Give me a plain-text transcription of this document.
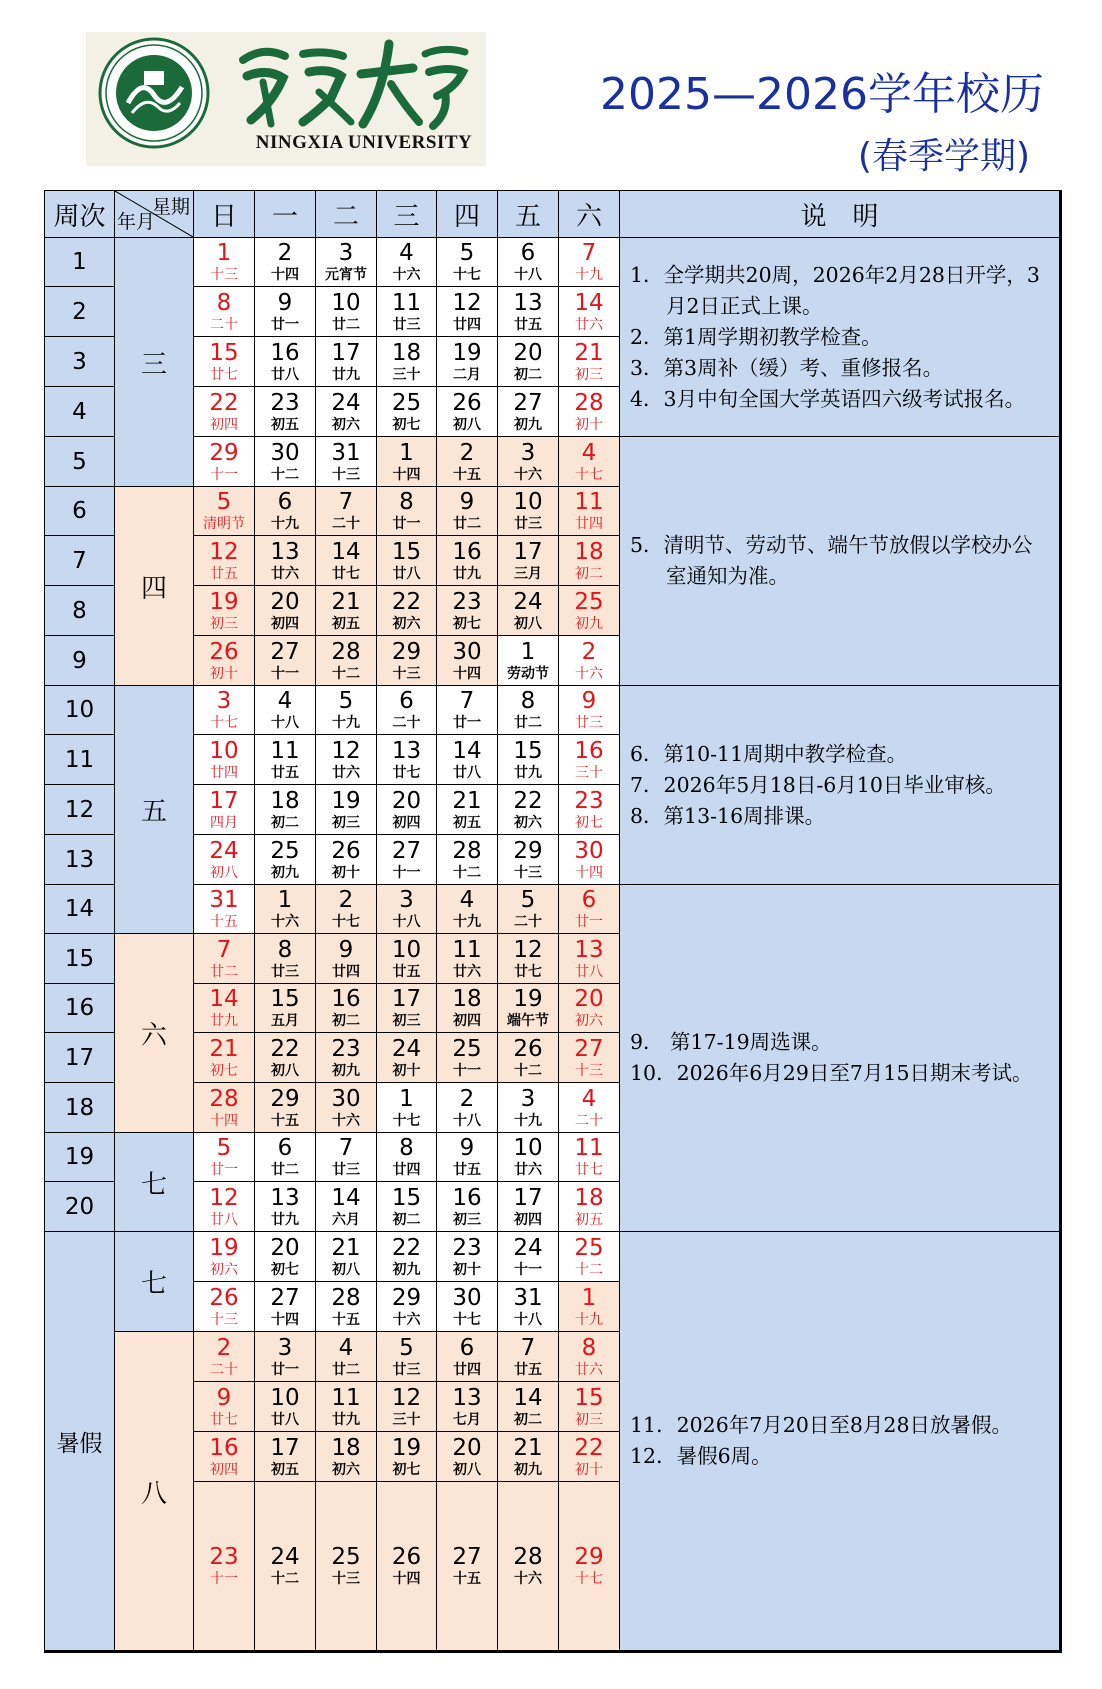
NINGXIA UNIVERSITY
2025—2026学年校历
(春季学期)
周次 星期
年月 日 一 二 三 四 五 六	说　明
1
2
3
4
5
6
7
8
9
10
11
12
13
14
15
16
17
18
19
20
暑假
三
四
五
六
七
七
八
1
十三
2
十四
3
元宵节
4
十六
5
十七
6
十八
7
十九
8
二十
9
廿一
10
廿二
11
廿三
12
廿四
13
廿五
14
廿六
15
廿七
16
廿八
17
廿九
18
三十
19
二月
20
初二
21
初三
22
初四
23
初五
24
初六
25
初七
26
初八
27
初九
28
初十
29
十一
30
十二
31
十三
1
十四
2
十五
3
十六
4
十七
5
清明节
6
十九
7
二十
8
廿一
9
廿二
10
廿三
11
廿四
12
廿五
13
廿六
14
廿七
15
廿八
16
廿九
17
三月
18
初二
19
初三
20
初四
21
初五
22
初六
23
初七
24
初八
25
初九
26
初十
27
十一
28
十二
29
十三
30
十四
1
劳动节
2
十六
3
十七
4
十八
5
十九
6
二十
7
廿一
8
廿二
9
廿三
10
廿四
11
廿五
12
廿六
13
廿七
14
廿八
15
廿九
16
三十
17
四月
18
初二
19
初三
20
初四
21
初五
22
初六
23
初七
24
初八
25
初九
26
初十
27
十一
28
十二
29
十三
30
十四
31
十五
1
十六
2
十七
3
十八
4
十九
5
二十
6
廿一
7
廿二
8
廿三
9
廿四
10
廿五
11
廿六
12
廿七
13
廿八
14
廿九
15
五月
16
初二
17
初三
18
初四
19
端午节
20
初六
21
初七
22
初八
23
初九
24
初十
25
十一
26
十二
27
十三
28
十四
29
十五
30
十六
1
十七
2
十八
3
十九
4
二十
5
廿一
6
廿二
7
廿三
8
廿四
9
廿五
10
廿六
11
廿七
12
廿八
13
廿九
14
六月
15
初二
16
初三
17
初四
18
初五
19
初六
20
初七
21
初八
22
初九
23
初十
24
十一
25
十二
26
十三
27
十四
28
十五
29
十六
30
十七
31
十八
1
十九
2
二十
3
廿一
4
廿二
5
廿三
6
廿四
7
廿五
8
廿六
9
廿七
10
廿八
11
廿九
12
三十
13
七月
14
初二
15
初三
16
初四
17
初五
18
初六
19
初七
20
初八
21
初九
22
初十
23
十一
24
十二
25
十三
26
十四
27
十五
28
十六
29
十七

1．全学期共20周，2026年2月28日开学，3月2日正式上课。

2．第1周学期初教学检查。

3．第3周补（缓）考、重修报名。

4．3月中旬全国大学英语四六级考试报名。

5．清明节、劳动节、端午节放假以学校办公室通知为准。

6．第10-11周期中教学检查。

7．2026年5月18日-6月10日毕业审核。

8．第13-16周排课。

9． 第17-19周选课。

10．2026年6月29日至7月15日期末考试。

11．2026年7月20日至8月28日放暑假。

12．暑假6周。
